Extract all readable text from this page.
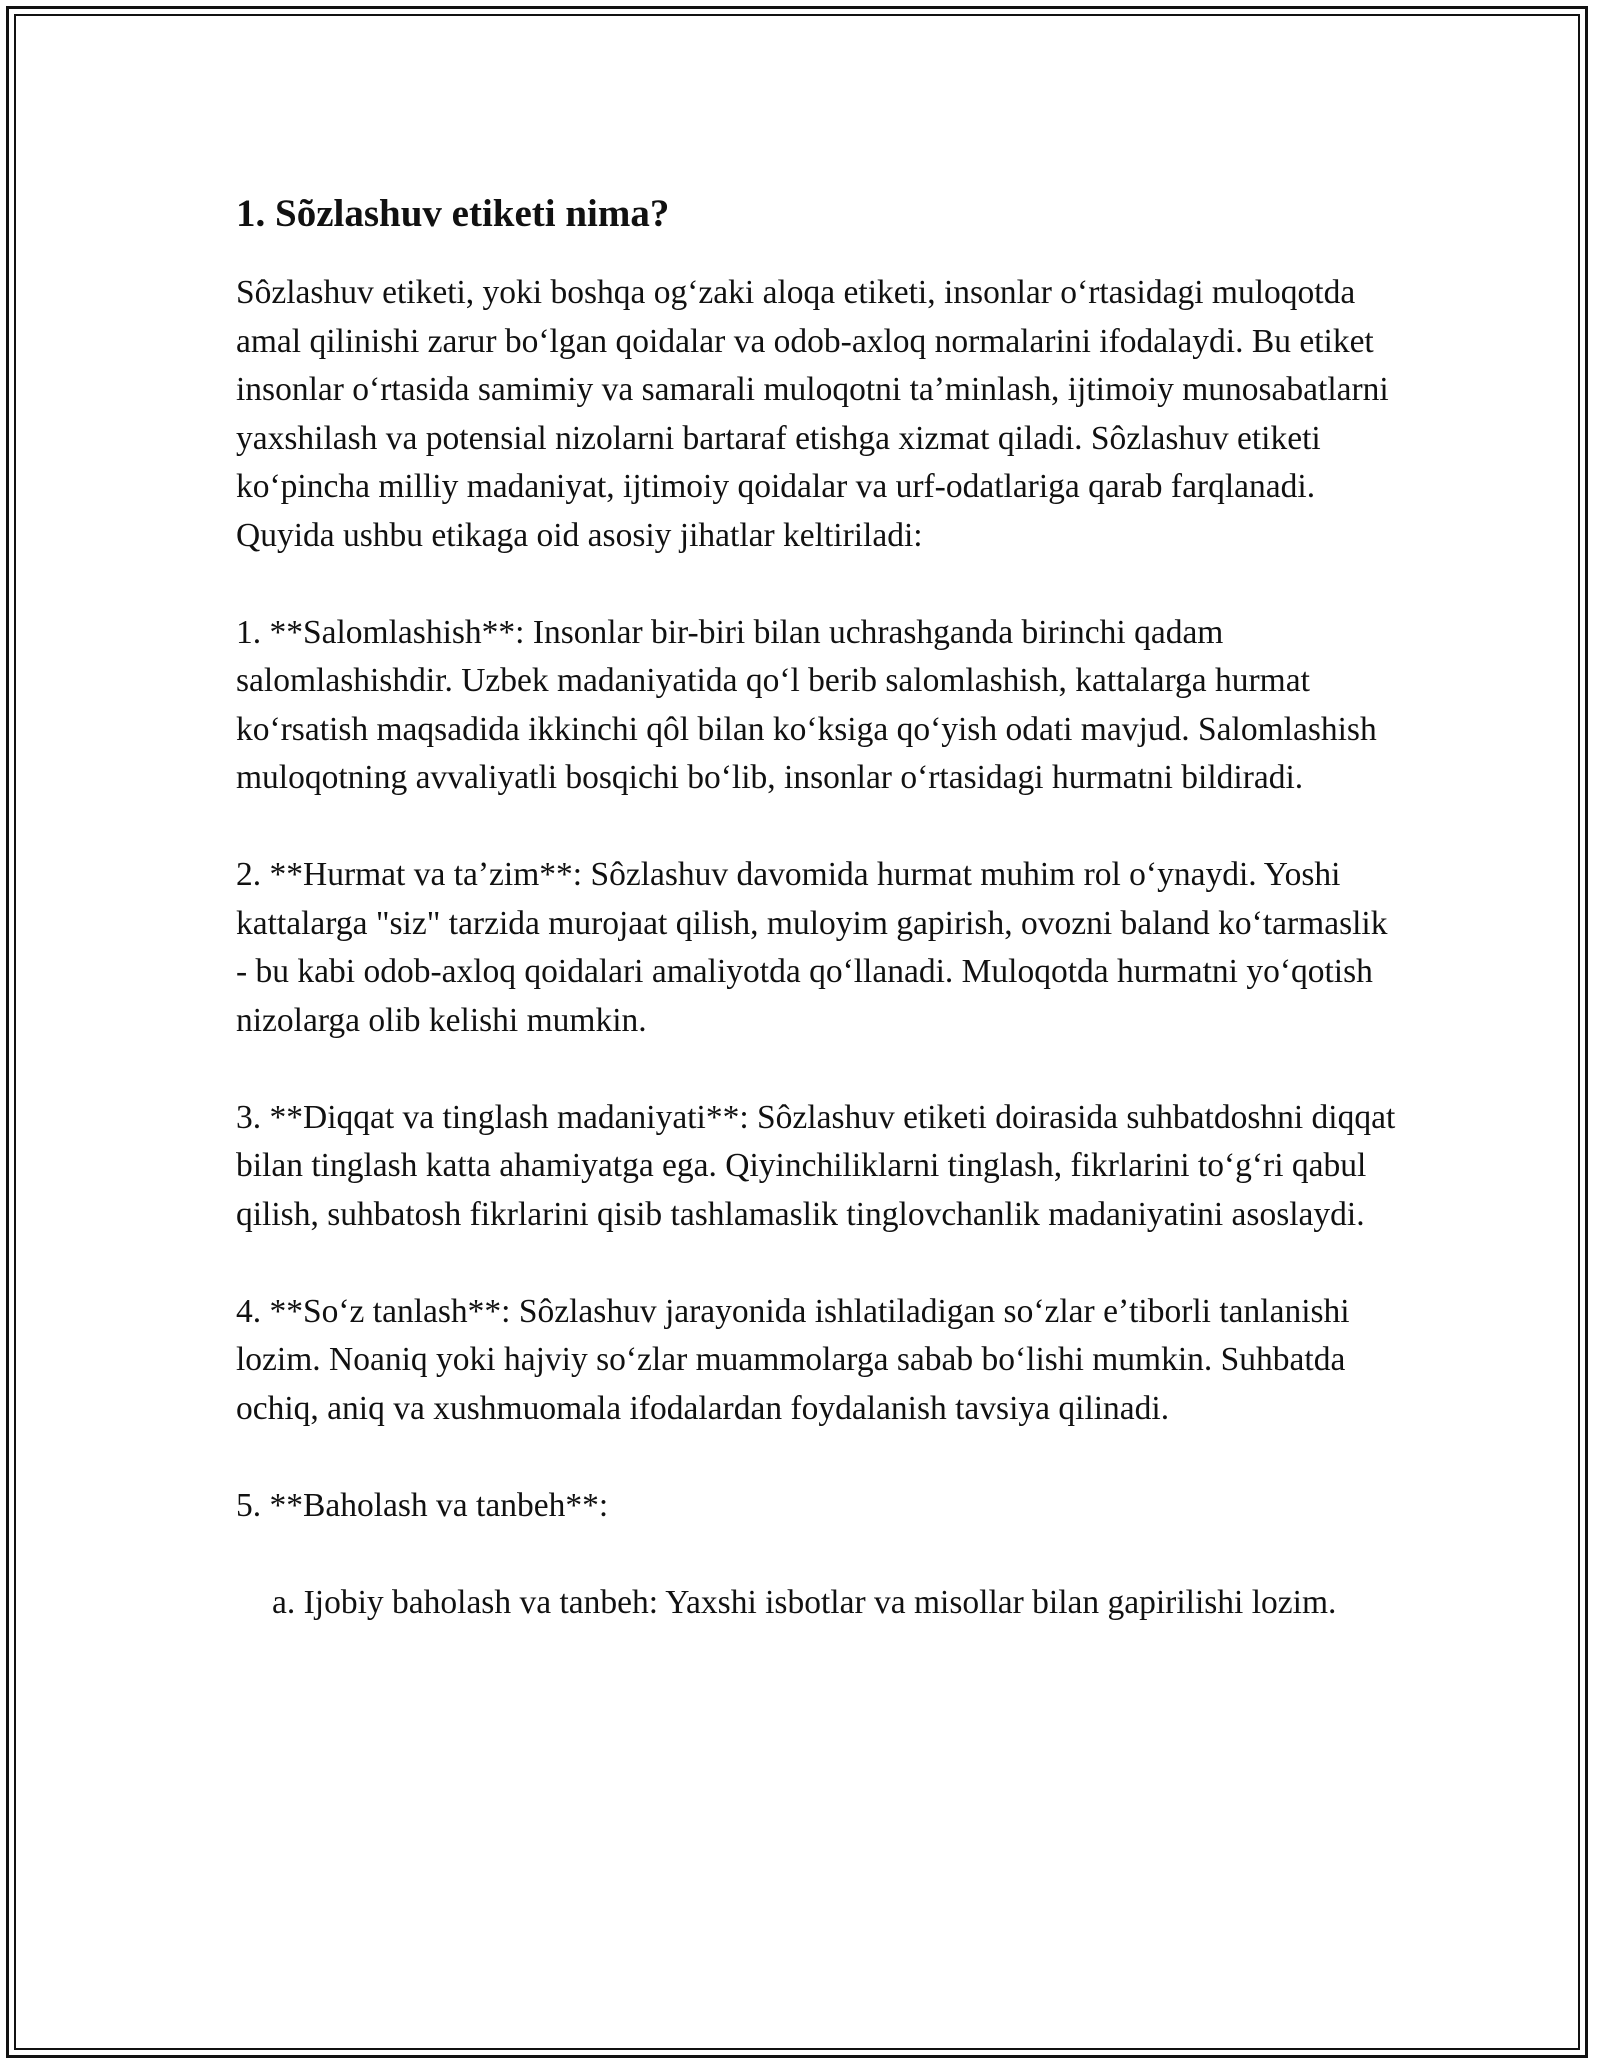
1. Sõzlashuv etiketi nima?

Sôzlashuv etiketi, yoki boshqa ogʻzaki aloqa etiketi, insonlar oʻrtasidagi muloqotda amal qilinishi zarur boʻlgan qoidalar va odob-axloq normalarini ifodalaydi. Bu etiket insonlar oʻrtasida samimiy va samarali muloqotni taʼminlash, ijtimoiy munosabatlarni yaxshilash va potensial nizolarni bartaraf etishga xizmat qiladi. Sôzlashuv etiketi koʻpincha milliy madaniyat, ijtimoiy qoidalar va urf-odatlariga qarab farqlanadi. Quyida ushbu etikaga oid asosiy jihatlar keltiriladi:

1. **Salomlashish**: Insonlar bir-biri bilan uchrashganda birinchi qadam salomlashishdir. Uzbek madaniyatida qoʻl berib salomlashish, kattalarga hurmat koʻrsatish maqsadida ikkinchi qôl bilan koʻksiga qoʻyish odati mavjud. Salomlashish muloqotning avvaliyatli bosqichi boʻlib, insonlar oʻrtasidagi hurmatni bildiradi.

2. **Hurmat va taʼzim**: Sôzlashuv davomida hurmat muhim rol oʻynaydi. Yoshi kattalarga "siz" tarzida murojaat qilish, muloyim gapirish, ovozni baland koʻtarmaslik - bu kabi odob-axloq qoidalari amaliyotda qoʻllanadi. Muloqotda hurmatni yoʻqotish nizolarga olib kelishi mumkin.

3. **Diqqat va tinglash madaniyati**: Sôzlashuv etiketi doirasida suhbatdoshni diqqat bilan tinglash katta ahamiyatga ega. Qiyinchiliklarni tinglash, fikrlarini toʻgʻri qabul qilish, suhbatosh fikrlarini qisib tashlamaslik tinglovchanlik madaniyatini asoslaydi.

4. **Soʻz tanlash**: Sôzlashuv jarayonida ishlatiladigan soʻzlar eʼtiborli tanlanishi lozim. Noaniq yoki hajviy soʻzlar muammolarga sabab boʻlishi mumkin. Suhbatda ochiq, aniq va xushmuomala ifodalardan foydalanish tavsiya qilinadi.

5. **Baholash va tanbeh**:

a. Ijobiy baholash va tanbeh: Yaxshi isbotlar va misollar bilan gapirilishi lozim.
